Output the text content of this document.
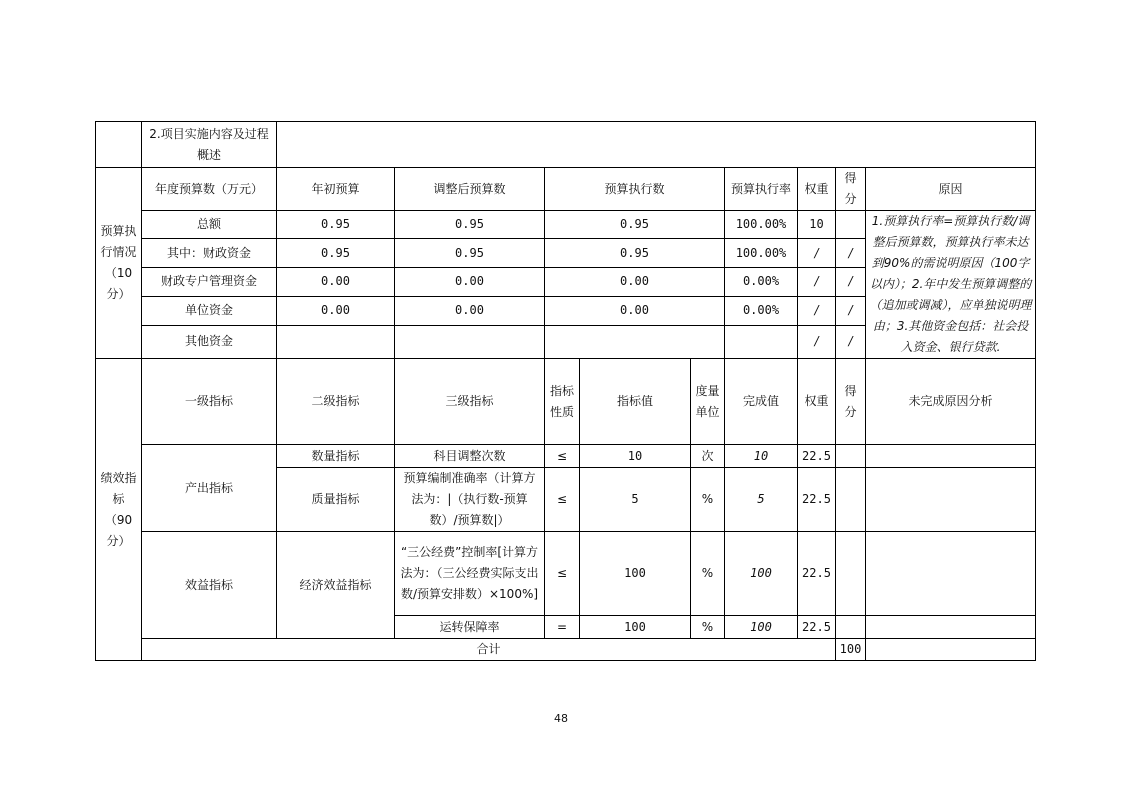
	2.项目实施内容及过程概述										
预算执行情况（10分）	年度预算数（万元）	年初预算	调整后预算数	预算执行数			预算执行率	权重	得分	原因	
	总额	0.95	0.95	0.95			100.00%	10		1.预算执行率=预算执行数/调整后预算数，预算执行率未达到90%的需说明原因（100字以内）；2.年中发生预算调整的（追加或调减），应单独说明理由；3.其他资金包括：社会投入资金、银行贷款.	
	其中：财政资金	0.95	0.95	0.95			100.00%	/	/		
	财政专户管理资金	0.00	0.00	0.00			0.00%	/	/		
	单位资金	0.00	0.00	0.00			0.00%	/	/		
	其他资金							/	/		
绩效指标（90分）	一级指标	二级指标	三级指标	指标性质	指标值	度量单位	完成值	权重	得分	未完成原因分析	
	产出指标	数量指标	科目调整次数	≤	10	次	10	22.5			
		质量指标	预算编制准确率（计算方法为：|（执行数-预算数）/预算数|）	≤	5	%	5	22.5			
	效益指标	经济效益指标	“三公经费”控制率[计算方法为：（三公经费实际支出数/预算安排数）×100%]	≤	100	%	100	22.5			
			运转保障率	=	100	%	100	22.5			
	合计								100		
48
